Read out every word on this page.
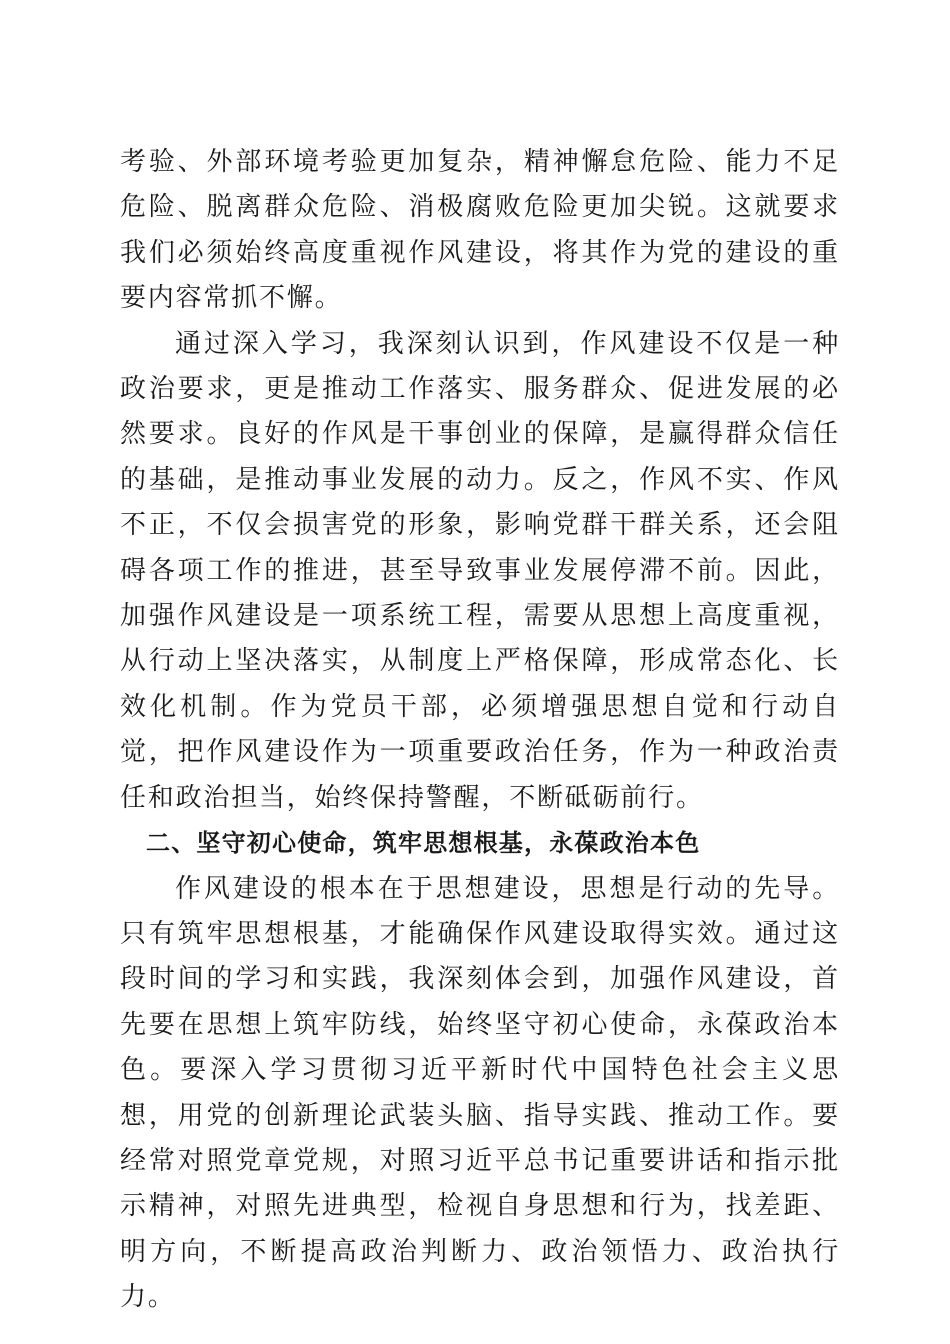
考验、外部环境考验更加复杂，精神懈怠危险、能力不足危险、脱离群众危险、消极腐败危险更加尖锐。这就要求我们必须始终高度重视作风建设，将其作为党的建设的重要内容常抓不懈。

通过深入学习，我深刻认识到，作风建设不仅是一种政治要求，更是推动工作落实、服务群众、促进发展的必然要求。良好的作风是干事创业的保障，是赢得群众信任的基础，是推动事业发展的动力。反之，作风不实、作风不正，不仅会损害党的形象，影响党群干群关系，还会阻碍各项工作的推进，甚至导致事业发展停滞不前。因此，加强作风建设是一项系统工程，需要从思想上高度重视，从行动上坚决落实，从制度上严格保障，形成常态化、长效化机制。作为党员干部，必须增强思想自觉和行动自觉，把作风建设作为一项重要政治任务，作为一种政治责任和政治担当，始终保持警醒，不断砥砺前行。

二、坚守初心使命，筑牢思想根基，永葆政治本色

作风建设的根本在于思想建设，思想是行动的先导。只有筑牢思想根基，才能确保作风建设取得实效。通过这段时间的学习和实践，我深刻体会到，加强作风建设，首先要在思想上筑牢防线，始终坚守初心使命，永葆政治本色。要深入学习贯彻习近平新时代中国特色社会主义思想，用党的创新理论武装头脑、指导实践、推动工作。要经常对照党章党规，对照习近平总书记重要讲话和指示批示精神，对照先进典型，检视自身思想和行为，找差距、明方向，不断提高政治判断力、政治领悟力、政治执行力。
